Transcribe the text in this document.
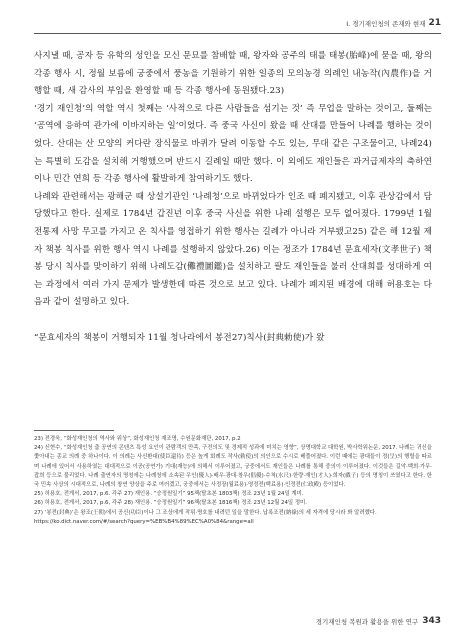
Ⅰ. 경기재인청의 존재와 현재 21

사지낼 때, 공자 등 유학의 성인을 모신 문묘를 참배할 때, 왕자와 공주의 태를 태봉(胎峰)에 묻을 때, 왕의 각종 행사 시, 정월 보름에 궁중에서 풍농을 기원하기 위한 일종의 모의농경 의례인 내농작(內農作)을 거행할 때, 새 감사의 부임을 환영할 때 등 각종 행사에 동원됐다.23)

‘경기 재인청’의 역할 역시 첫째는 ‘사적으로 다른 사람들을 섬기는 것’ 즉 무업을 말하는 것이고, 둘째는 ‘공역에 응하여 관가에 이바지하는 일’이었다. 즉 중국 사신이 왔을 때 산대를 만들어 나례를 행하는 것이었다. 산대는 산 모양의 커다란 장식물로 바퀴가 달려 이동할 수도 있는, 무대 같은 구조물이고, 나례24)는 특별히 도감을 설치해 거행했으며 반드시 길례일 때만 했다. 이 외에도 재인들은 과거급제자의 축하연이나 민간 연희 등 각종 행사에 활발하게 참여하기도 했다.

나례와 관련해서는 광해군 때 상설기관인 ‘나례청’으로 바뀌었다가 인조 때 폐지됐고, 이후 관상감에서 담당했다고 한다. 실제로 1784년 갑진년 이후 중국 사신을 위한 나례 설행은 모두 없어졌다. 1799년 1월 전통제 사망 무고를 가지고 온 칙사를 영접하기 위한 행사는 길례가 아니라 거부됐고25) 같은 해 12월 제자 책봉 칙사를 위한 행사 역시 나례를 설행하지 않았다.26) 이는 정조가 1784년 문효세자(文孝世子) 책봉 당시 칙사를 맞이하기 위해 나례도감(儺禮圖鑑)을 설치하고 팔도 재인들을 불러 산대희를 성대하게 여는 과정에서 여러 가지 문제가 발생한데 따른 것으로 보고 있다. 나례가 폐지된 배경에 대해 허용호는 다음과 같이 설명하고 있다.

“문효세자의 책봉이 거행되자 11월 청나라에서 봉전27)칙사(封典勅使)가 왔

23) 전경욱, “화성재인청의 역사와 위상”, 화성재인청 재조명, 수원문화재단, 2017, p.2

24) 신현수, “화성재인청 춤 공연의 콘텐츠 특성 요인이 관람객의 만족, 구전의도 및 경제적 성과에 미치는 영향”, 상명대학교 대학원, 박사학위논문, 2017. 나례는 귀신을 쫓아내는 종교 의례 중 하나이다. 이 의례는 사신환대(使臣還待) 등은 높게 회례도 작사(勅使)의 의인으로 수시로 베풀어졌다. 이런 때에는 광대들이 정(呈)의 행렬을 따르며 나례에 있어서 사용하였는 대대적으로 이공(공연가) 기대(재능)에 의해서 이루어졌고, 궁중에서도 재인들은 나례를 통해 중의이 이루어졌다. 이것들은 길악·백희·가무·잡희 등으로 불리었다. 나례 출연자의 명칭에는 나례청에 소속된 우인(優人)·배우·광대·창우(倡優)·수척(水尺)·한량·재인(才人)·희자(戱子) 등의 명칭이 쓰였다고 한다. 한국 민속 사상의 시대적으로, 나례의 창연 양상을 주로 여러겠고, 궁중에서는 사정장(월료용)·영정전(백료용)·인정전(仁政殿) 등이었다.

25) 허용호, 전게서, 2017, p.6. 각주 27) 재인용. “승정원일기” 95책(탈초본 1803책) 정조 23년 1월 24일 계미.

26) 허용호, 전게서, 2017, p.6, 각주 28) 재인용. “승정원일기” 96책(탈초본 1816책) 정조 23년 12월 24일 정미.

27) ‘봉전(封典)’은 왕조(王朝)에서 공신(功臣)이나 그 조상에게 작위·명호를 내려던 일을 말한다. 납록조전(納祿)의 세 자격에 당시라 봐 알려했다.

https://ko.dict.naver.com/#/search?query=%EB%B4%89%EC%A0%84&range=all

경기재인청 복원과 활용을 위한 연구 343
